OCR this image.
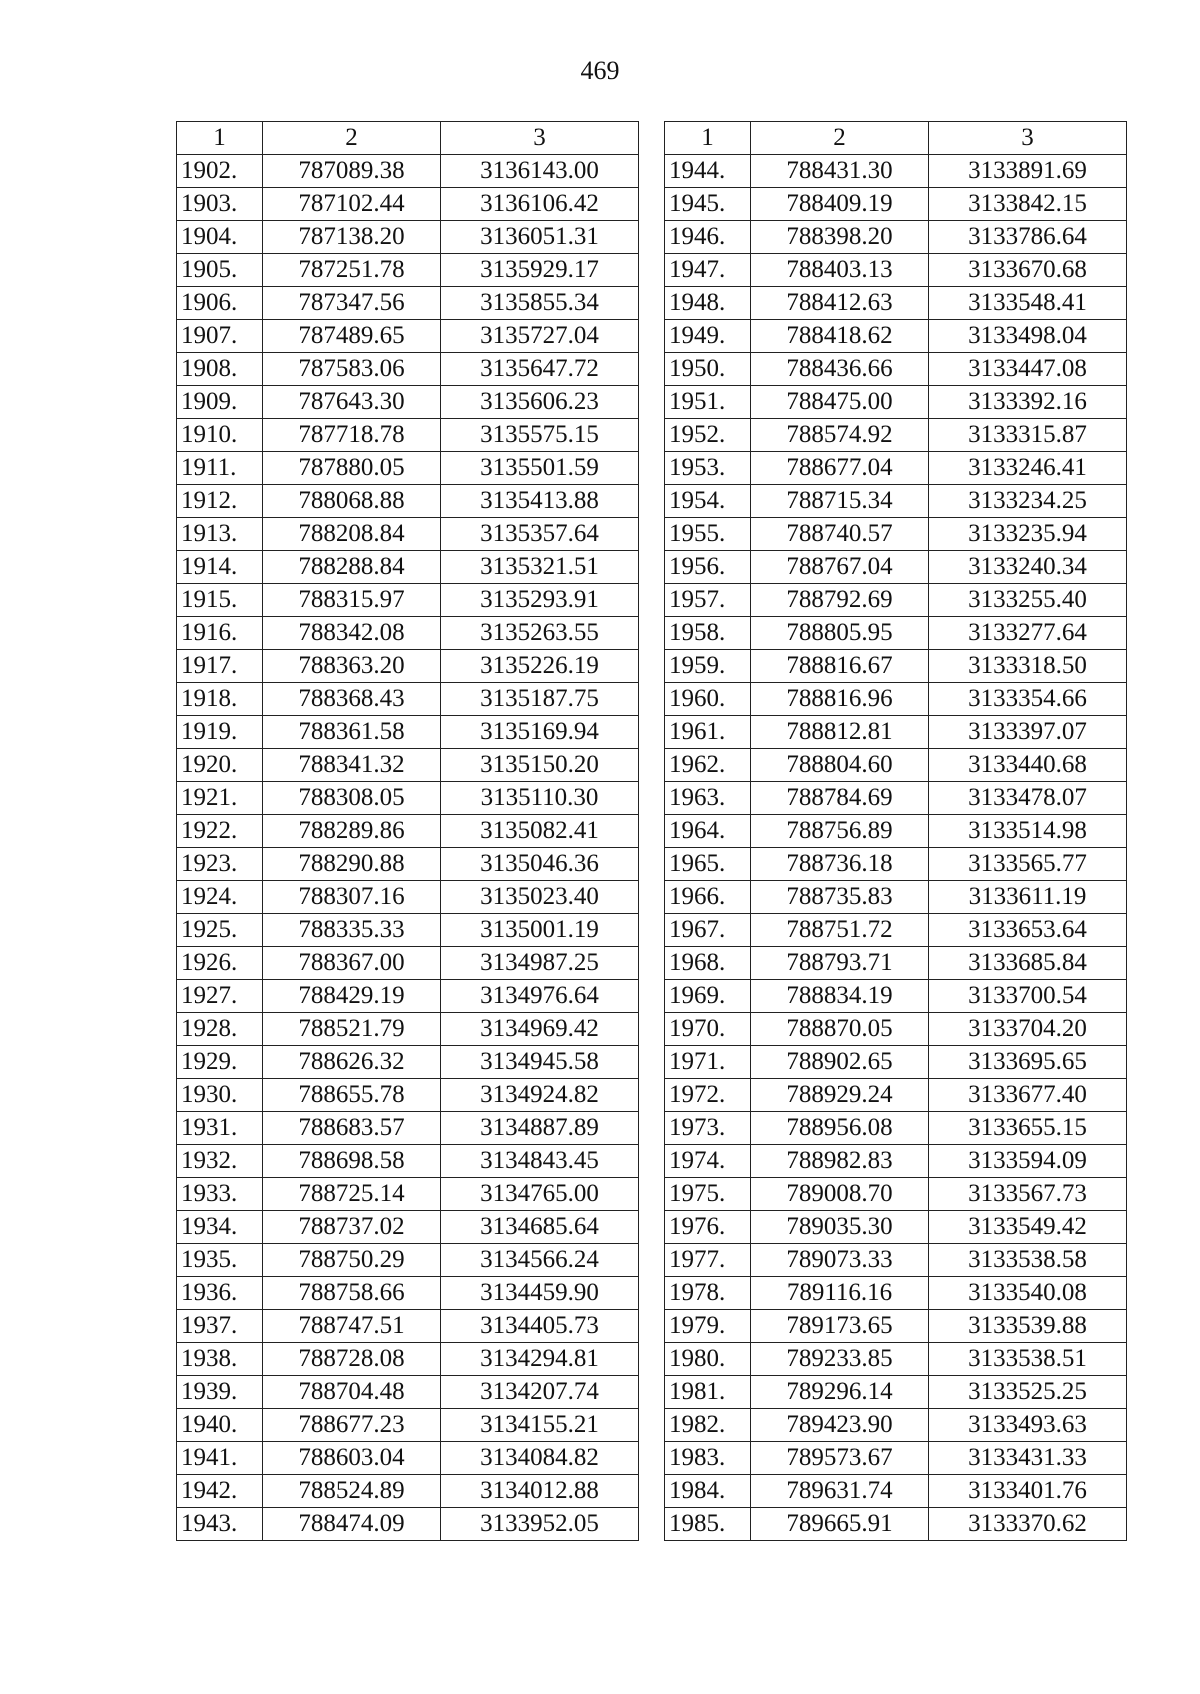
469
1	2	3
1902.	787089.38	3136143.00
1903.	787102.44	3136106.42
1904.	787138.20	3136051.31
1905.	787251.78	3135929.17
1906.	787347.56	3135855.34
1907.	787489.65	3135727.04
1908.	787583.06	3135647.72
1909.	787643.30	3135606.23
1910.	787718.78	3135575.15
1911.	787880.05	3135501.59
1912.	788068.88	3135413.88
1913.	788208.84	3135357.64
1914.	788288.84	3135321.51
1915.	788315.97	3135293.91
1916.	788342.08	3135263.55
1917.	788363.20	3135226.19
1918.	788368.43	3135187.75
1919.	788361.58	3135169.94
1920.	788341.32	3135150.20
1921.	788308.05	3135110.30
1922.	788289.86	3135082.41
1923.	788290.88	3135046.36
1924.	788307.16	3135023.40
1925.	788335.33	3135001.19
1926.	788367.00	3134987.25
1927.	788429.19	3134976.64
1928.	788521.79	3134969.42
1929.	788626.32	3134945.58
1930.	788655.78	3134924.82
1931.	788683.57	3134887.89
1932.	788698.58	3134843.45
1933.	788725.14	3134765.00
1934.	788737.02	3134685.64
1935.	788750.29	3134566.24
1936.	788758.66	3134459.90
1937.	788747.51	3134405.73
1938.	788728.08	3134294.81
1939.	788704.48	3134207.74
1940.	788677.23	3134155.21
1941.	788603.04	3134084.82
1942.	788524.89	3134012.88
1943.	788474.09	3133952.05
1	2	3
1944.	788431.30	3133891.69
1945.	788409.19	3133842.15
1946.	788398.20	3133786.64
1947.	788403.13	3133670.68
1948.	788412.63	3133548.41
1949.	788418.62	3133498.04
1950.	788436.66	3133447.08
1951.	788475.00	3133392.16
1952.	788574.92	3133315.87
1953.	788677.04	3133246.41
1954.	788715.34	3133234.25
1955.	788740.57	3133235.94
1956.	788767.04	3133240.34
1957.	788792.69	3133255.40
1958.	788805.95	3133277.64
1959.	788816.67	3133318.50
1960.	788816.96	3133354.66
1961.	788812.81	3133397.07
1962.	788804.60	3133440.68
1963.	788784.69	3133478.07
1964.	788756.89	3133514.98
1965.	788736.18	3133565.77
1966.	788735.83	3133611.19
1967.	788751.72	3133653.64
1968.	788793.71	3133685.84
1969.	788834.19	3133700.54
1970.	788870.05	3133704.20
1971.	788902.65	3133695.65
1972.	788929.24	3133677.40
1973.	788956.08	3133655.15
1974.	788982.83	3133594.09
1975.	789008.70	3133567.73
1976.	789035.30	3133549.42
1977.	789073.33	3133538.58
1978.	789116.16	3133540.08
1979.	789173.65	3133539.88
1980.	789233.85	3133538.51
1981.	789296.14	3133525.25
1982.	789423.90	3133493.63
1983.	789573.67	3133431.33
1984.	789631.74	3133401.76
1985.	789665.91	3133370.62
